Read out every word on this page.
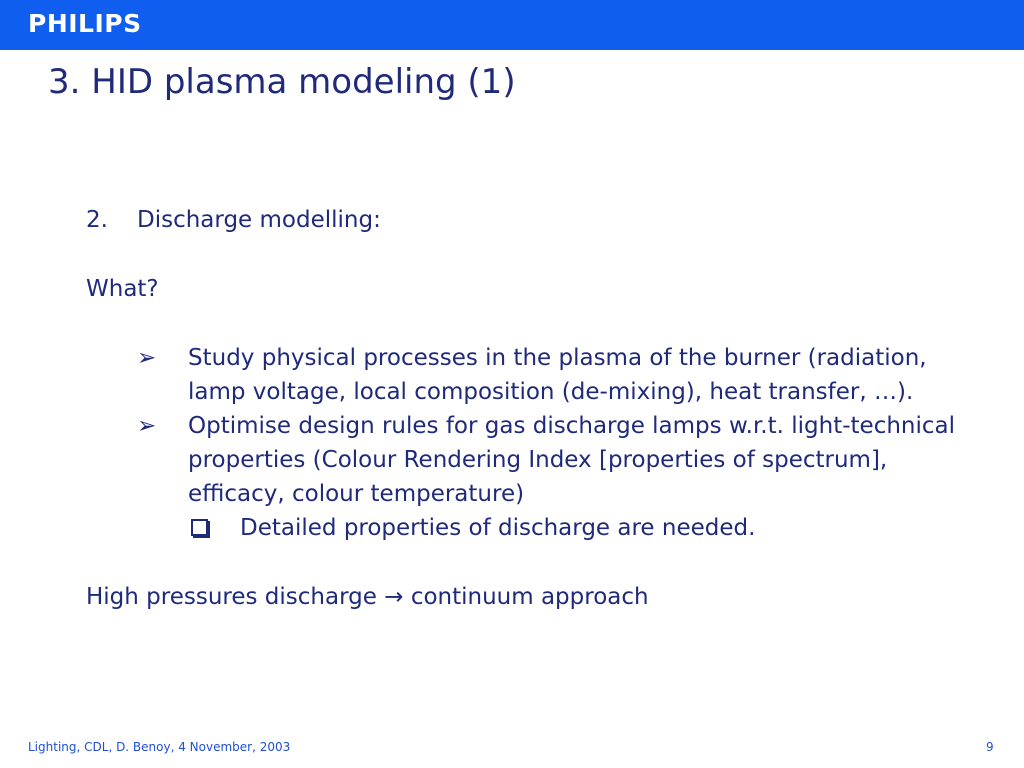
PHILIPS
3. HID plasma modeling (1)
2. Discharge modelling:
What?
➢ Study physical processes in the plasma of the burner (radiation,
lamp voltage, local composition (de-mixing), heat transfer, …).
➢ Optimise design rules for gas discharge lamps w.r.t. light-technical
properties (Colour Rendering Index [properties of spectrum],
efficacy, colour temperature)
Detailed properties of discharge are needed.
High pressures discharge → continuum approach
Lighting, CDL, D. Benoy, 4 November, 2003	9
